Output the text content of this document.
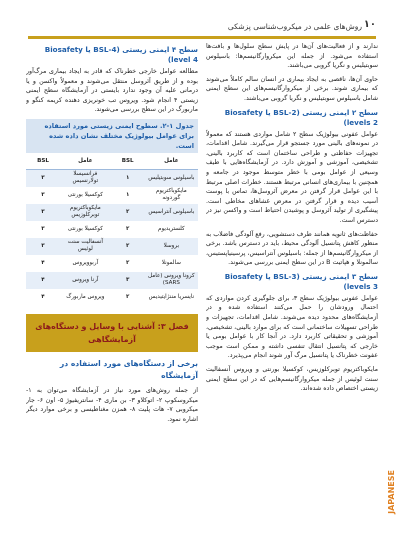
۱۰
روش‌های علمی در میکروب‌شناسی پزشکی

ندارند و از فعالیت‌های آن‌ها در پایش سطح سلول‌ها و بافت‌ها استفاده می‌شود. از جمله این میکروارگانیسم‌ها: باسیلوس سوبتیلیس و نگریا گروبی می‌باشند.

حاوی آن‌ها، ناقصی به ایجاد بیماری در انسان سالم کاملاً می‌شوند که بیماری شوند. برخی از میکروارگانیسم‌های این سطح ایمنی شامل باسیلوس سوبتیلیس و نگریا گروبی می‌باشند.

سطح ۲ ایمنی زیستی (BSL-2 یا Biosafety levels 2)

عوامل عفونی بیولوژیک سطح ۲ شامل مواردی هستند که معمولاً در نمونه‌های بالینی مورد جستجو قرار می‌گیرند. شامل اقدامات، تجهیزات حفاظتی و طراحی ساختمان است که کاربرد بالینی، تشخیصی، آموزشی و آموزش دارد. در آزمایشگاه‌هایی با طیف وسیعی از عوامل بومی با خطر متوسط موجود در جامعه و همچنین با بیماری‌های انسانی مرتبط هستند. خطرات اصلی مرتبط با این عوامل قرار گرفتن در معرض آئروسل‌ها، تماس با پوست آسیب دیده و قرار گرفتن در معرض غشاهای مخاطی است. پیشگیری از تولید آئروسل و پوشیدن احتیاط است و واکسن نیز در دسترس است.

حفاظت‌های ثانویه همانند طرف دستشویی، رفع آلودگی فاضلاب به منظور کاهش پتانسیل آلودگی محیط، باید در دسترس باشد. برخی از میکروارگانیسم‌ها از جمله: باسیلوس آنتراسیس، پرسینیاپستیس، سالمونلا و هپاتیت B در این سطح ایمنی بررسی می‌شوند.

سطح ۳ ایمنی زیستی (BSL-3 یا Biosafety levels 3)

عوامل عفونی بیولوژیک سطح ۳، برای جلوگیری کردن مواردی که احتمال ورودشان را حمل می‌کنند استفاده شده و در آزمایشگاه‌های محدود دیده می‌شوند. شامل اقدامات، تجهیزات و طراحی تسهیلات ساختمانی است که برای موارد بالینی، تشخیصی، آموزشی و تحقیقاتی کاربرد دارد. در آنجا کار با عوامل بومی یا خارجی که پتانسیل انتقال تنفسی داشته و ممکن است موجب عفونت خطرناک یا پتانسیل مرگ آور شوند انجام می‌پذیرد.

مایکوباکتریوم توبرکلوزیس، کوکسیلا بورنتی و ویروس آنسفالیت سنت لوئیس از جمله میکروارگانیسم‌هایی که در این سطح ایمنی زیستی اختصاص داده شده‌اند.

سطح ۴ ایمنی زیستی (BSL-4 یا Biosafety level 4)

مطالعه عوامل خارجی خطرناک که قادر به ایجاد بیماری مرگ‌آور بوده و از طریق آئروسل منتقل می‌شوند و معمولاً واکسن و یا درمانی علیه آن وجود ندارد بایستی در آزمایشگاه سطح ایمنی زیستی ۴ انجام شود. ویروس تب خونریزی دهنده کریمه کنگو و ماربورگ در این سطح بررسی می‌شوند.

جدول ۱-۲. سطوح ایمنی زیستی مورد استفاده برای عوامل بیولوژیک مختلف نشان داده شده است.
عامل	BSL	عامل	BSL
باسیلوس سوبتیلیس	۱	فرانسیسلا تولارنسیس	۳
مایکوباکتریوم گوردونه	۱	کوکسیلا بورنتی	۳
باسیلوس آنتراسیس	۲	مایکوباکتریوم توبرکلوزیس	۳
کلستریدیوم	۲	کوکسیلا بورنتی	۳
بروسلا	۲	آنسفالیت سنت لوئیس	۳
سالمونلا	۲	آربوویروس	۴
کرونا ویروس (عامل SARS)	۳	آرنا ویروس	۴
نایسریا مننژایتیدیس	۲	ویروس ماربورگ	۴
فصل ۳: آشنایی با وسایل و دستگاه‌های آزمایشگاهی
برخی از دستگاه‌های مورد استفاده در آزمایشگاه

از جمله روش‌های مورد نیاز در آزمایشگاه می‌توان به ۱- میکروسکوپ ۲- اتوکلاو ۳- بن ماری ۴- سانتریفیوژ ۵- اون ۶- جار میکروبی ۷- هات پلیت ۸- همزن مغناطیسی و برخی موارد دیگر اشاره نمود.

JAPANESE
